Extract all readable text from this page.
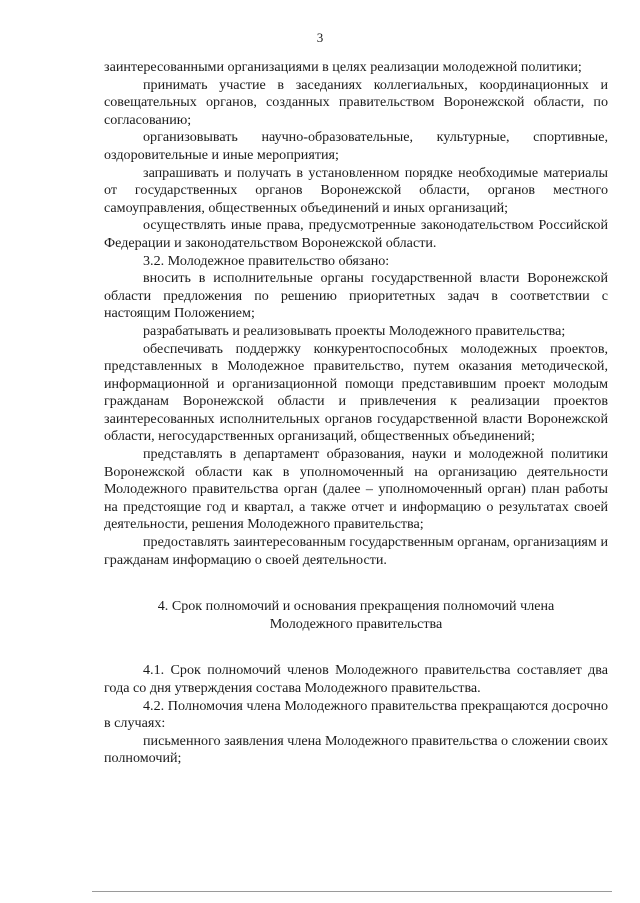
3

заинтересованными организациями в целях реализации молодежной политики;

принимать участие в заседаниях коллегиальных, координационных и совещательных органов, созданных правительством Воронежской области, по согласованию;

организовывать научно-образовательные, культурные, спортивные, оздоровительные и иные мероприятия;

запрашивать и получать в установленном порядке необходимые материалы от государственных органов Воронежской области, органов местного самоуправления, общественных объединений и иных организаций;

осуществлять иные права, предусмотренные законодательством Российской Федерации и законодательством Воронежской области.

3.2. Молодежное правительство обязано:

вносить в исполнительные органы государственной власти Воронежской области предложения по решению приоритетных задач в соответствии с настоящим Положением;

разрабатывать и реализовывать проекты Молодежного правительства;

обеспечивать поддержку конкурентоспособных молодежных проектов, представленных в Молодежное правительство, путем оказания методической, информационной и организационной помощи представившим проект молодым гражданам Воронежской области и привлечения к реализации проектов заинтересованных исполнительных органов государственной власти Воронежской области, негосударственных организаций, общественных объединений;

представлять в департамент образования, науки и молодежной политики Воронежской области как в уполномоченный на организацию деятельности Молодежного правительства орган (далее – уполномоченный орган) план работы на предстоящие год и квартал, а также отчет и информацию о результатах своей деятельности, решения Молодежного правительства;

предоставлять заинтересованным государственным органам, организациям и гражданам информацию о своей деятельности.

4. Срок полномочий и основания прекращения полномочий члена Молодежного правительства

4.1. Срок полномочий членов Молодежного правительства составляет два года со дня утверждения состава Молодежного правительства.

4.2. Полномочия члена Молодежного правительства прекращаются досрочно в случаях:

письменного заявления члена Молодежного правительства о сложении своих полномочий;
